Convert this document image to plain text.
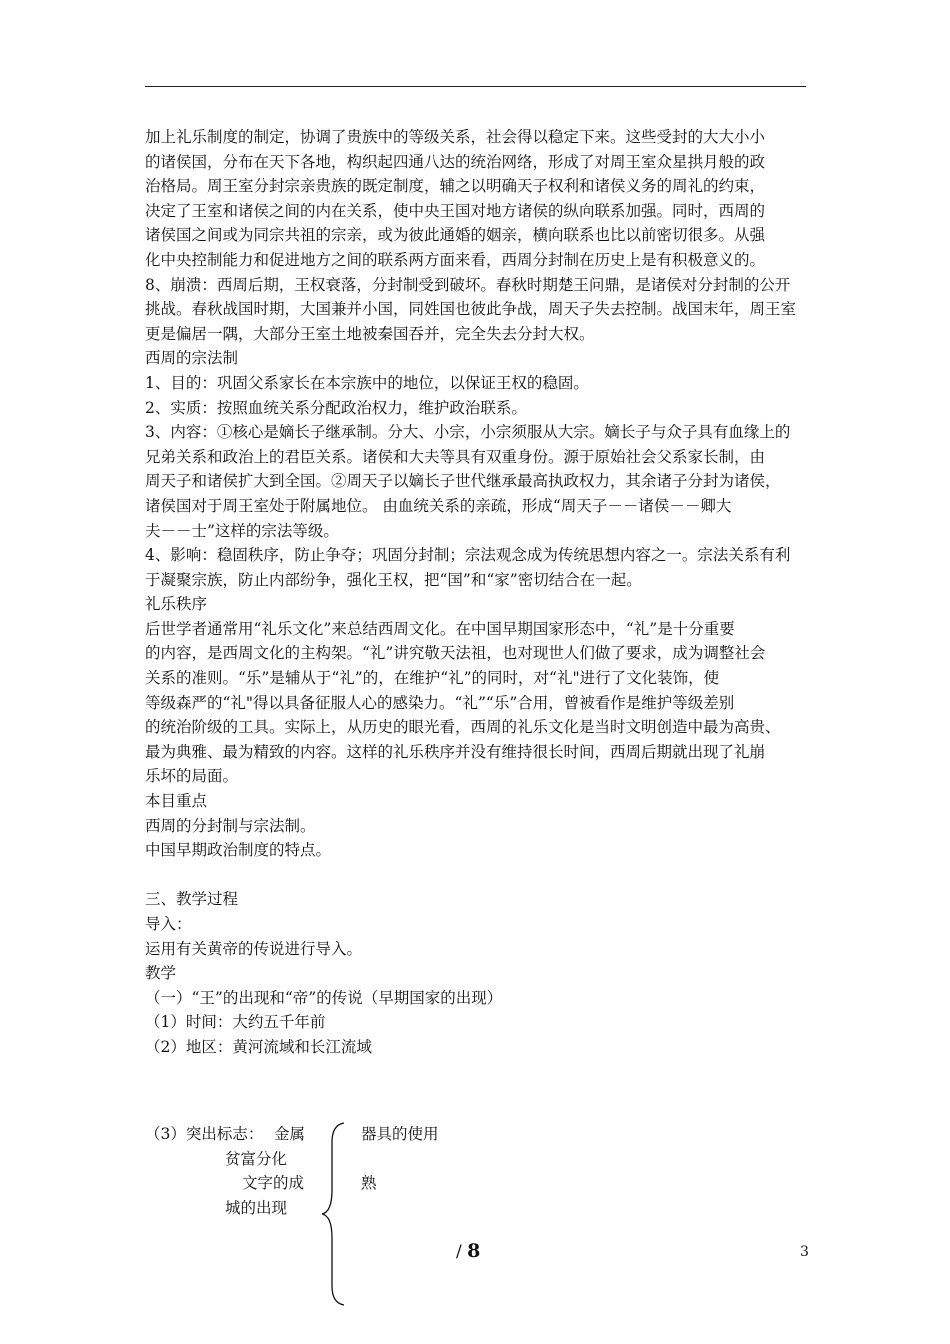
加上礼乐制度的制定，协调了贵族中的等级关系，社会得以稳定下来。这些受封的大大小小
的诸侯国，分布在天下各地，构织起四通八达的统治网络，形成了对周王室众星拱月般的政
治格局。周王室分封宗亲贵族的既定制度，辅之以明确天子权利和诸侯义务的周礼的约束，
决定了王室和诸侯之间的内在关系，使中央王国对地方诸侯的纵向联系加强。同时，西周的
诸侯国之间或为同宗共祖的宗亲，或为彼此通婚的姻亲，横向联系也比以前密切很多。从强
化中央控制能力和促进地方之间的联系两方面来看，西周分封制在历史上是有积极意义的。
8、崩溃：西周后期，王权衰落，分封制受到破坏。春秋时期楚王问鼎，是诸侯对分封制的公开
挑战。春秋战国时期，大国兼并小国，同姓国也彼此争战，周天子失去控制。战国末年，周王室
更是偏居一隅，大部分王室土地被秦国吞并，完全失去分封大权。
西周的宗法制
1、目的：巩固父系家长在本宗族中的地位，以保证王权的稳固。
2、实质：按照血统关系分配政治权力，维护政治联系。
3、内容：①核心是嫡长子继承制。分大、小宗，小宗须服从大宗。嫡长子与众子具有血缘上的
兄弟关系和政治上的君臣关系。诸侯和大夫等具有双重身份。源于原始社会父系家长制，由
周天子和诸侯扩大到全国。②周天子以嫡长子世代继承最高执政权力，其余诸子分封为诸侯，
诸侯国对于周王室处于附属地位。 由血统关系的亲疏，形成“周天子－－诸侯－－卿大
夫－－士”这样的宗法等级。
4、影响：稳固秩序，防止争夺；巩固分封制；宗法观念成为传统思想内容之一。宗法关系有利
于凝聚宗族，防止内部纷争，强化王权，把“国”和“家”密切结合在一起。
礼乐秩序
后世学者通常用“礼乐文化”来总结西周文化。在中国早期国家形态中，“礼”是十分重要
的内容，是西周文化的主构架。“礼”讲究敬天法祖，也对现世人们做了要求，成为调整社会
关系的准则。“乐”是辅从于“礼”的，在维护“礼”的同时，对“礼"进行了文化装饰，使
等级森严的“礼"得以具备征服人心的感染力。“礼”“乐”合用，曾被看作是维护等级差别
的统治阶级的工具。实际上，从历史的眼光看，西周的礼乐文化是当时文明创造中最为高贵、
最为典雅、最为精致的内容。这样的礼乐秩序并没有维持很长时间，西周后期就出现了礼崩
乐坏的局面。
本目重点
西周的分封制与宗法制。
中国早期政治制度的特点。
三、教学过程
导入：
运用有关黄帝的传说进行导入。
教学
（一）“王”的出现和“帝”的传说（早期国家的出现）
（1）时间：大约五千年前
（2）地区：黄河流域和长江流域
（3）突出标志： 金属
贫富分化
文字的成
城的出现
器具的使用
熟
/ 8	3
